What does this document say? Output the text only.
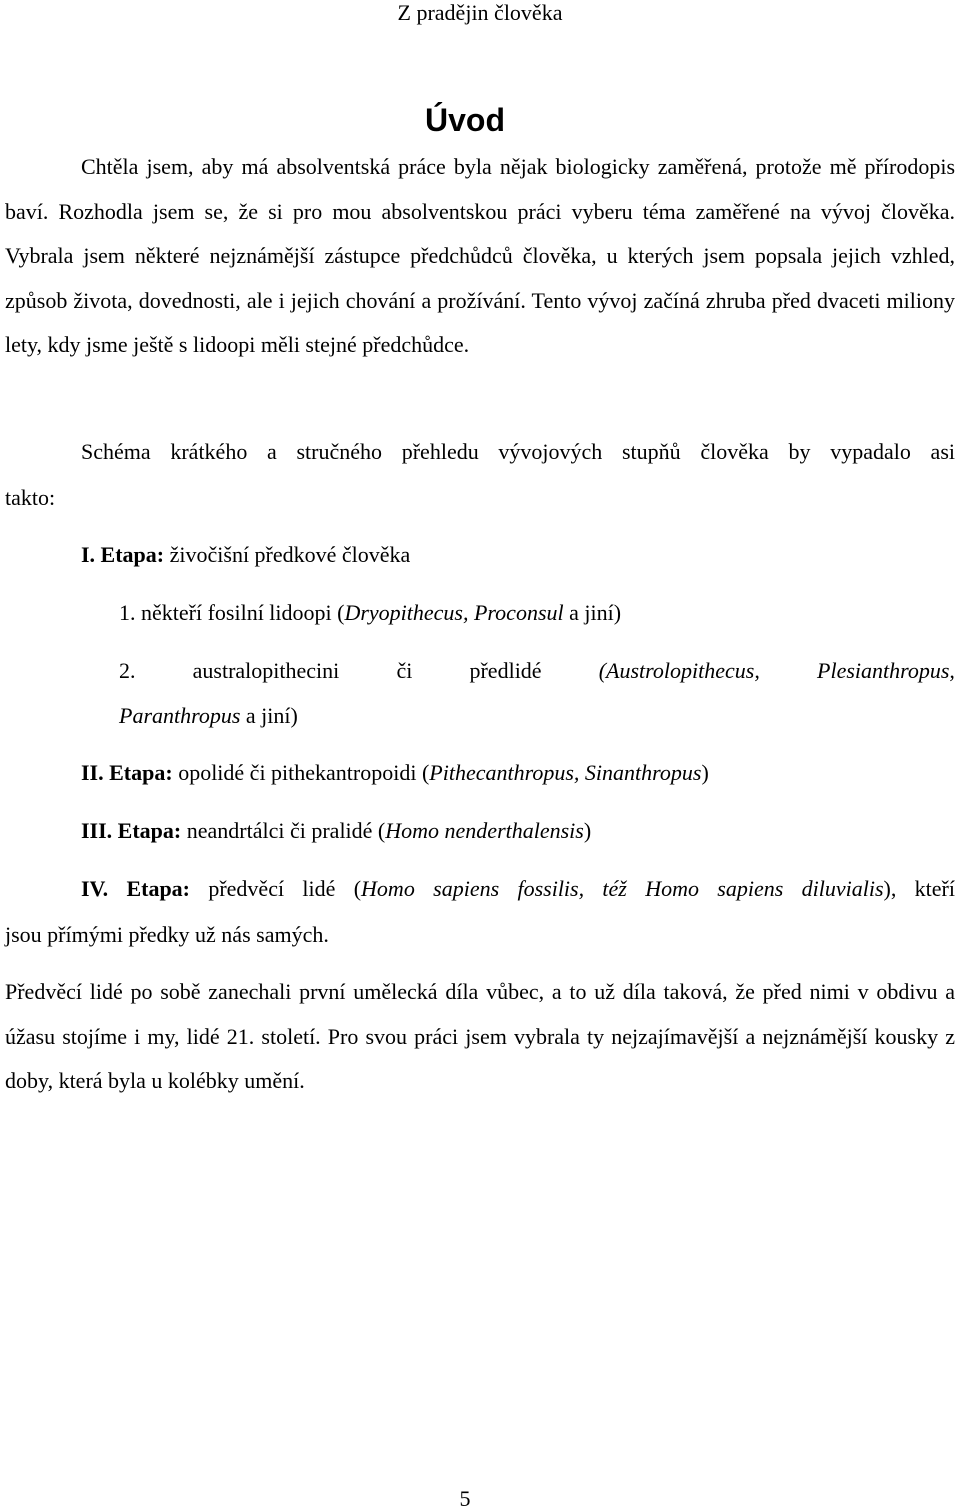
Z pradějin člověka
Úvod

Chtěla jsem, aby má absolventská práce byla nějak biologicky zaměřená, protože mě přírodopis baví. Rozhodla jsem se, že si pro mou absolventskou práci vyberu téma zaměřené na vývoj člověka. Vybrala jsem některé nejznámější zástupce předchůdců člověka, u kterých jsem popsala jejich vzhled, způsob života, dovednosti, ale i jejich chování a prožívání. Tento vývoj začíná zhruba před dvaceti miliony lety, kdy jsme ještě s lidoopi měli stejné předchůdce.

Schéma krátkého a stručného přehledu vývojových stupňů člověka by vypadalo asi
takto:
I. Etapa: živočišní předkové člověka
1. někteří fosilní lidoopi (Dryopithecus, Proconsul a jiní)
2.	australopithecini	či	předlidé	(Austrolopithecus,	Plesianthropus,
Paranthropus a jiní)
II. Etapa: opolidé či pithekantropoidi (Pithecanthropus, Sinanthropus)
III. Etapa: neandrtálci či pralidé (Homo nenderthalensis)
IV. Etapa: předvěcí lidé (Homo sapiens fossilis, též Homo sapiens diluvialis), kteří
jsou přímými předky už nás samých.

Předvěcí lidé po sobě zanechali první umělecká díla vůbec, a to už díla taková, že před nimi v obdivu a úžasu stojíme i my, lidé 21. století. Pro svou práci jsem vybrala ty nejzajímavější a nejznámější kousky z doby, která byla u kolébky umění.

5
